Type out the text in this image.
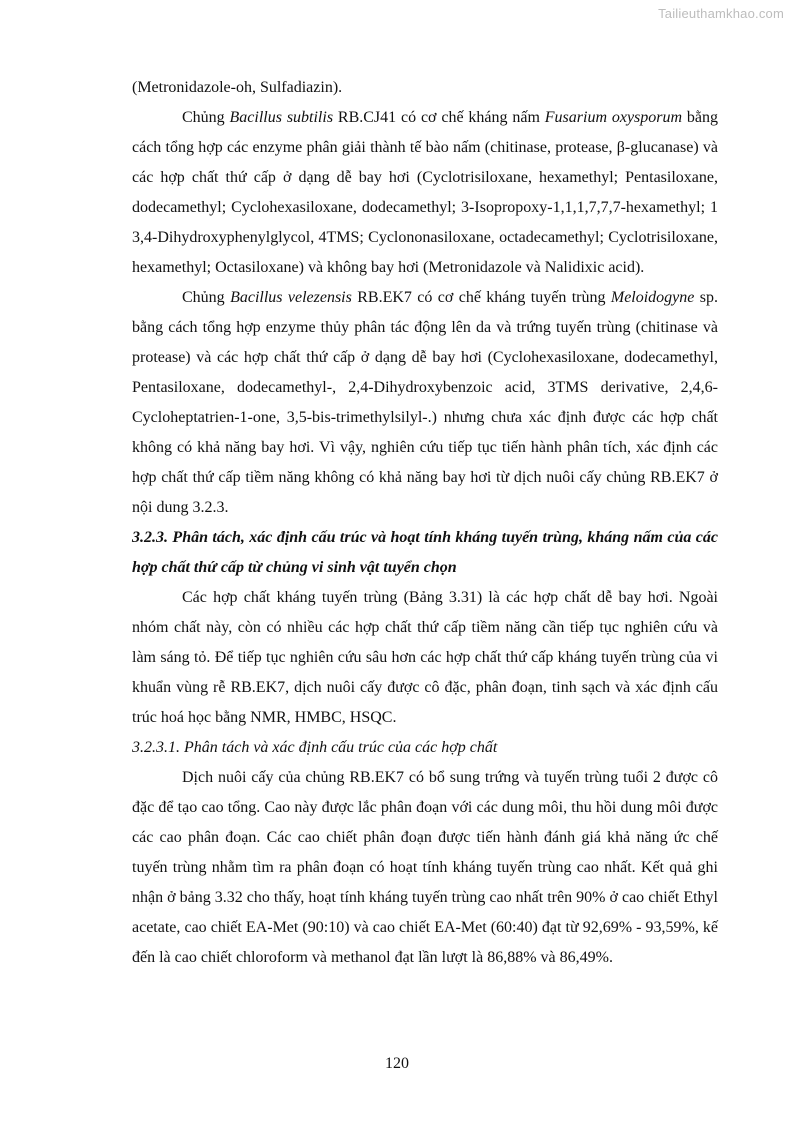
Tailieuthamkhao.com

(Metronidazole-oh, Sulfadiazin).

Chủng Bacillus subtilis RB.CJ41 có cơ chế kháng nấm Fusarium oxysporum bằng cách tổng hợp các enzyme phân giải thành tế bào nấm (chitinase, protease, β-glucanase) và các hợp chất thứ cấp ở dạng dễ bay hơi (Cyclotrisiloxane, hexamethyl; Pentasiloxane, dodecamethyl; Cyclohexasiloxane, dodecamethyl; 3-Isopropoxy-1,1,1,7,7,7-hexamethyl; 1 3,4-Dihydroxyphenylglycol, 4TMS; Cyclononasiloxane, octadecamethyl; Cyclotrisiloxane, hexamethyl; Octasiloxane) và không bay hơi (Metronidazole và Nalidixic acid).

Chủng Bacillus velezensis RB.EK7 có cơ chế kháng tuyến trùng Meloidogyne sp. bằng cách tổng hợp enzyme thủy phân tác động lên da và trứng tuyến trùng (chitinase và protease) và các hợp chất thứ cấp ở dạng dễ bay hơi (Cyclohexasiloxane, dodecamethyl, Pentasiloxane, dodecamethyl-, 2,4-Dihydroxybenzoic acid, 3TMS derivative, 2,4,6-Cycloheptatrien-1-one, 3,5-bis-trimethylsilyl-.) nhưng chưa xác định được các hợp chất không có khả năng bay hơi. Vì vậy, nghiên cứu tiếp tục tiến hành phân tích, xác định các hợp chất thứ cấp tiềm năng không có khả năng bay hơi từ dịch nuôi cấy chủng RB.EK7 ở nội dung 3.2.3.

3.2.3. Phân tách, xác định cấu trúc và hoạt tính kháng tuyến trùng, kháng nấm của các hợp chất thứ cấp từ chủng vi sinh vật tuyển chọn

Các hợp chất kháng tuyến trùng (Bảng 3.31) là các hợp chất dễ bay hơi. Ngoài nhóm chất này, còn có nhiều các hợp chất thứ cấp tiềm năng cần tiếp tục nghiên cứu và làm sáng tỏ. Để tiếp tục nghiên cứu sâu hơn các hợp chất thứ cấp kháng tuyến trùng của vi khuẩn vùng rễ RB.EK7, dịch nuôi cấy được cô đặc, phân đoạn, tinh sạch và xác định cấu trúc hoá học bằng NMR, HMBC, HSQC.

3.2.3.1. Phân tách và xác định cấu trúc của các hợp chất

Dịch nuôi cấy của chủng RB.EK7 có bổ sung trứng và tuyến trùng tuổi 2 được cô đặc để tạo cao tổng. Cao này được lắc phân đoạn với các dung môi, thu hồi dung môi được các cao phân đoạn. Các cao chiết phân đoạn được tiến hành đánh giá khả năng ức chế tuyến trùng nhằm tìm ra phân đoạn có hoạt tính kháng tuyến trùng cao nhất. Kết quả ghi nhận ở bảng 3.32 cho thấy, hoạt tính kháng tuyến trùng cao nhất trên 90% ở cao chiết Ethyl acetate, cao chiết EA-Met (90:10) và cao chiết EA-Met (60:40) đạt từ 92,69% - 93,59%, kế đến là cao chiết chloroform và methanol đạt lần lượt là 86,88% và 86,49%.

120
